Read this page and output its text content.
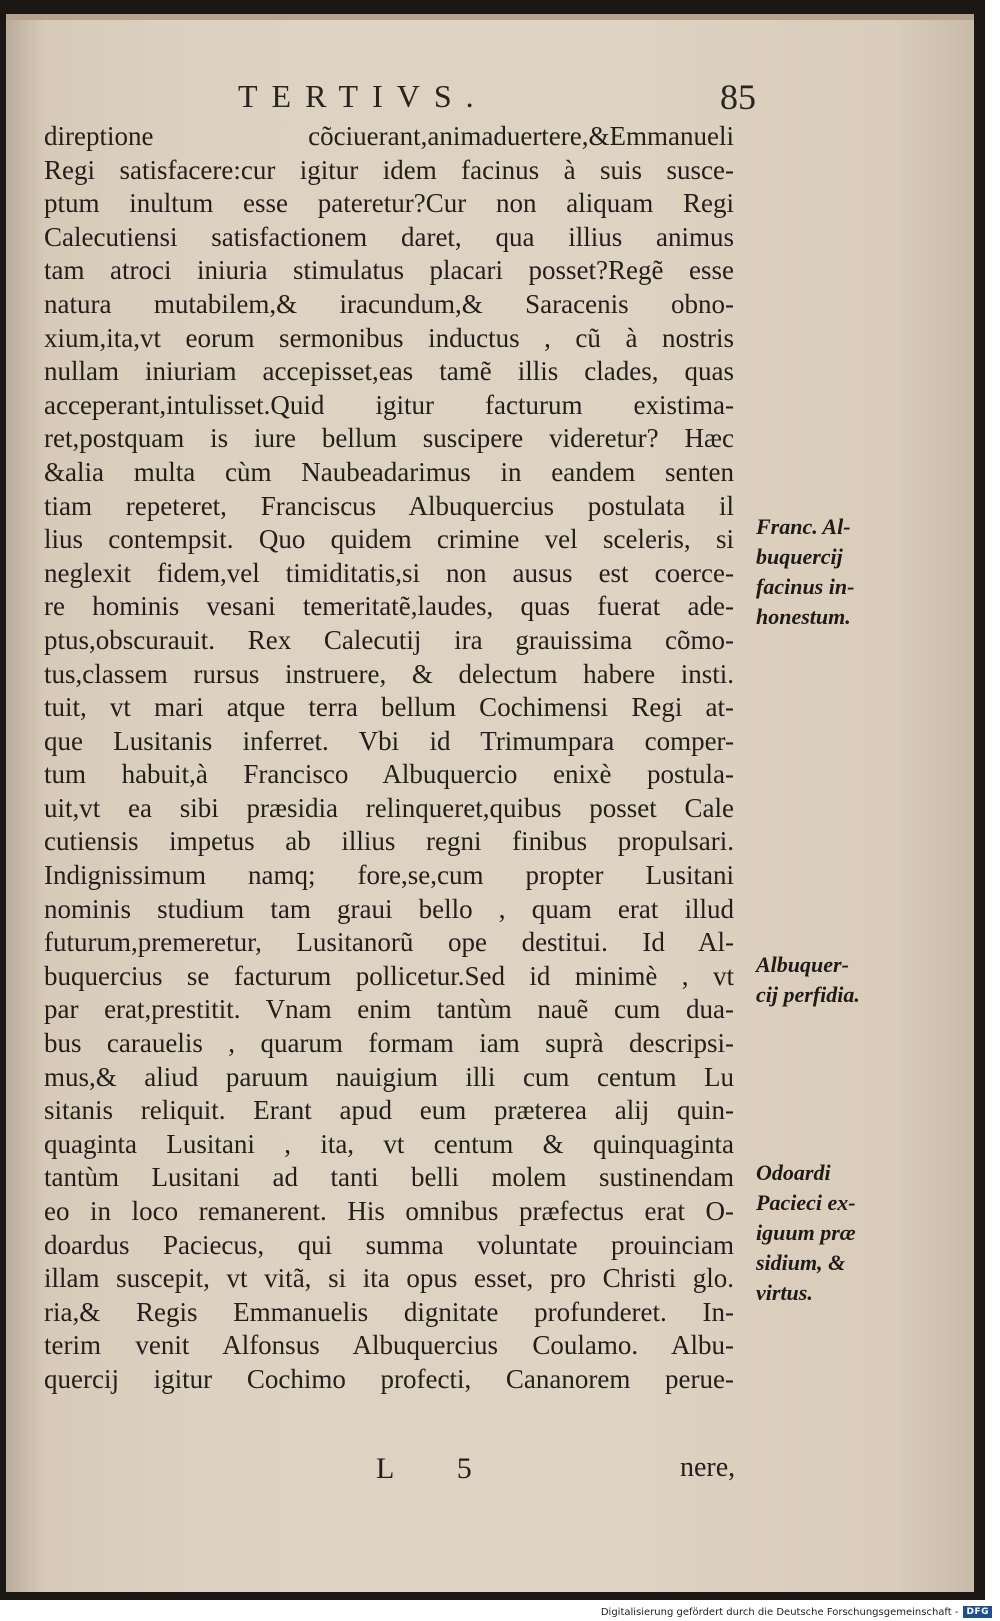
TERTIVS.	85
direptione cõciuerant,animaduertere,&Emmanueli
Regi satisfacere:cur igitur idem facinus à suis susce-
ptum inultum esse pateretur?Cur non aliquam Regi
Calecutiensi satisfactionem daret, qua illius animus
tam atroci iniuria stimulatus placari posset?Regẽ esse
natura mutabilem,& iracundum,& Saracenis obno-
xium,ita,vt eorum sermonibus inductus , cũ à nostris
nullam iniuriam accepisset,eas tamẽ illis clades, quas
acceperant,intulisset.Quid igitur facturum existima-
ret,postquam is iure bellum suscipere videretur? Hæc
&alia multa cùm Naubeadarimus in eandem senten
tiam repeteret, Franciscus Albuquercius postulata il
lius contempsit. Quo quidem crimine vel sceleris, si
neglexit fidem,vel timiditatis,si non ausus est coerce-
re hominis vesani temeritatẽ,laudes, quas fuerat ade-
ptus,obscurauit. Rex Calecutij ira grauissima cõmo-
tus,classem rursus instruere, & delectum habere insti.
tuit, vt mari atque terra bellum Cochimensi Regi at-
que Lusitanis inferret. Vbi id Trimumpara comper-
tum habuit,à Francisco Albuquercio enixè postula-
uit,vt ea sibi præsidia relinqueret,quibus posset Cale
cutiensis impetus ab illius regni finibus propulsari.
Indignissimum namq; fore,se,cum propter Lusitani
nominis studium tam graui bello , quam erat illud
futurum,premeretur, Lusitanorũ ope destitui. Id Al-
buquercius se facturum pollicetur.Sed id minimè , vt
par erat,prestitit. Vnam enim tantùm nauẽ cum dua-
bus carauelis , quarum formam iam suprà descripsi-
mus,& aliud paruum nauigium illi cum centum Lu
sitanis reliquit. Erant apud eum præterea alij quin-
quaginta Lusitani , ita, vt centum & quinquaginta
tantùm Lusitani ad tanti belli molem sustinendam
eo in loco remanerent. His omnibus præfectus erat O-
doardus Paciecus, qui summa voluntate prouinciam
illam suscepit, vt vitã, si ita opus esset, pro Christi glo.
ria,& Regis Emmanuelis dignitate profunderet. In-
terim venit Alfonsus Albuquercius Coulamo. Albu-
quercij igitur Cochimo profecti, Cananorem perue-
Franc. Al-
buquercij
facinus in-
honestum.
Albuquer-
cij perfidia.
Odoardi
Pacieci ex-
iguum præ
sidium, &
virtus.
L 5	nere,
Digitalisierung gefördert durch die Deutsche Forschungsgemeinschaft - DFG
